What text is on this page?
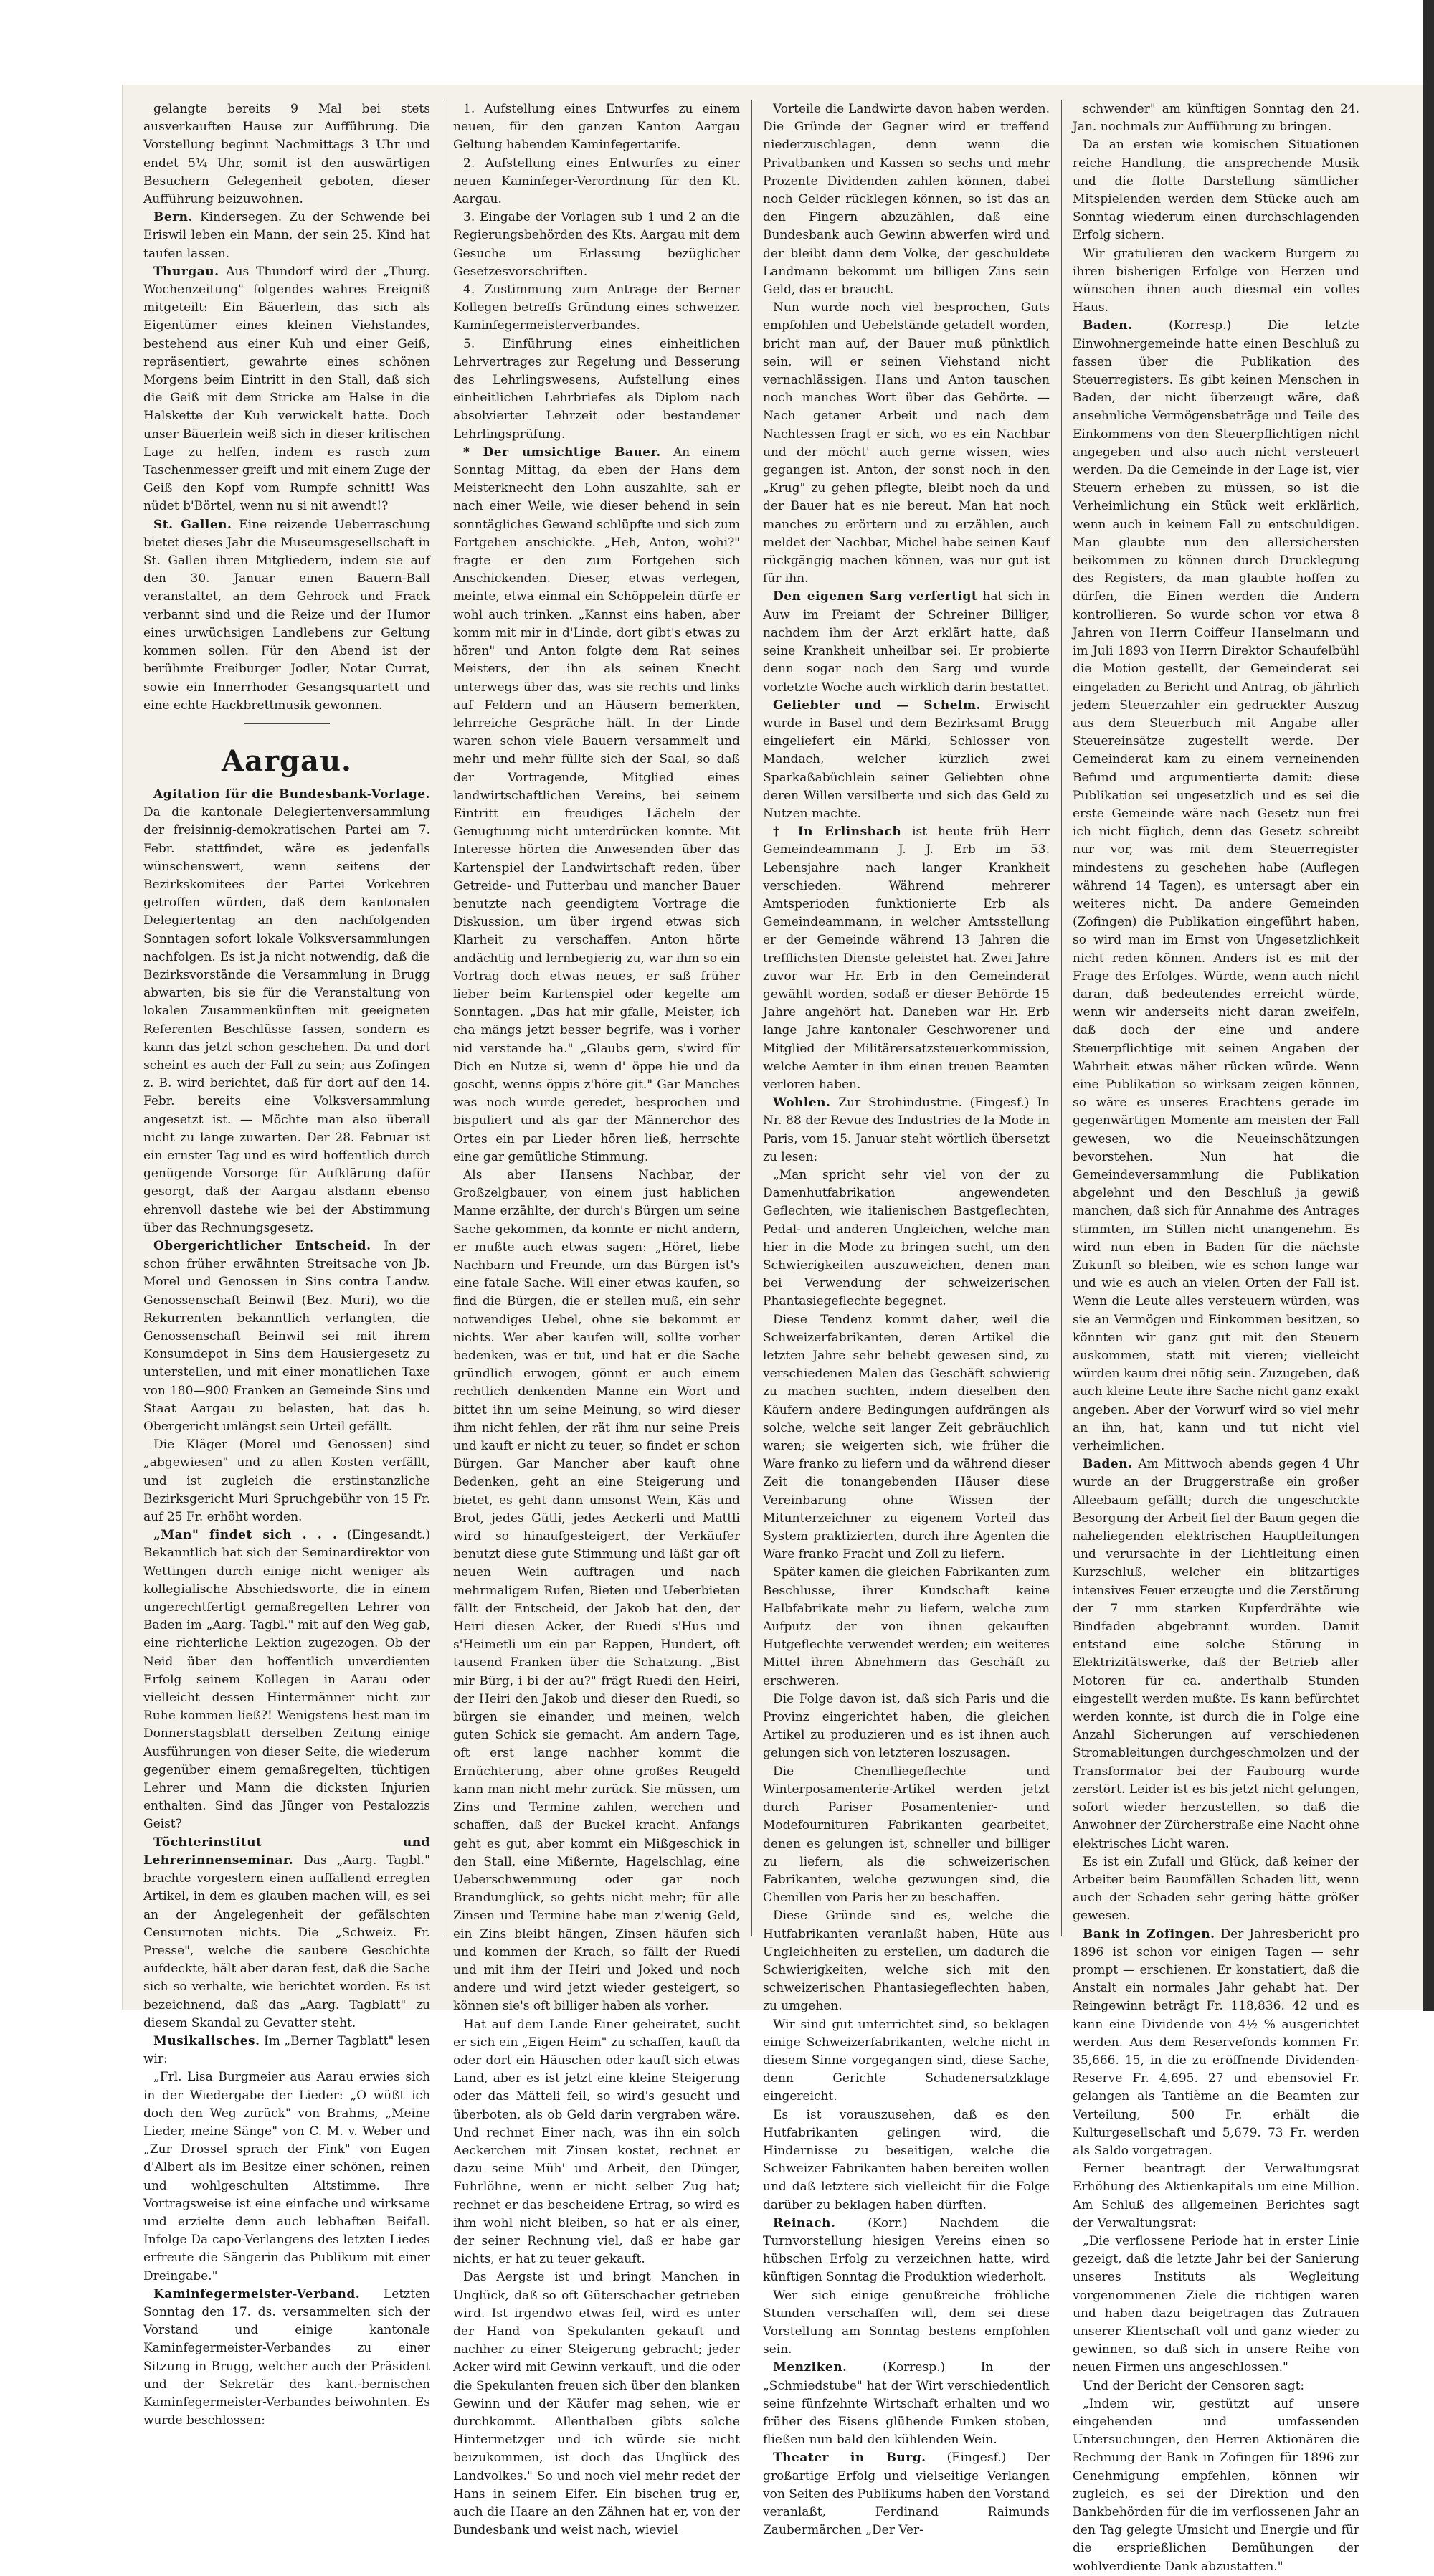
gelangte bereits 9 Mal bei stets ausverkauften Hause zur Aufführung. Die Vorstellung beginnt Nachmittags 3 Uhr und endet 5¼ Uhr, somit ist den auswärtigen Besuchern Gelegenheit geboten, dieser Aufführung beizuwohnen.

Bern. Kindersegen. Zu der Schwende bei Eriswil leben ein Mann, der sein 25. Kind hat taufen lassen.

Thurgau. Aus Thundorf wird der „Thurg. Wochenzeitung" folgendes wahres Ereigniß mitgeteilt: Ein Bäuerlein, das sich als Eigentümer eines kleinen Viehstandes, bestehend aus einer Kuh und einer Geiß, repräsentiert, gewahrte eines schönen Morgens beim Eintritt in den Stall, daß sich die Geiß mit dem Stricke am Halse in die Halskette der Kuh verwickelt hatte. Doch unser Bäuerlein weiß sich in dieser kritischen Lage zu helfen, indem es rasch zum Taschenmesser greift und mit einem Zuge der Geiß den Kopf vom Rumpfe schnitt! Was nüdet b'Börtel, wenn nu si nit awendt!?

St. Gallen. Eine reizende Ueberraschung bietet dieses Jahr die Museumsgesellschaft in St. Gallen ihren Mitgliedern, indem sie auf den 30. Januar einen Bauern-Ball veranstaltet, an dem Gehrock und Frack verbannt sind und die Reize und der Humor eines urwüchsigen Landlebens zur Geltung kommen sollen. Für den Abend ist der berühmte Freiburger Jodler, Notar Currat, sowie ein Innerrhoder Gesangsquartett und eine echte Hackbrettmusik gewonnen.

Aargau.

Agitation für die Bundesbank-Vorlage. Da die kantonale Delegiertenversammlung der freisinnig-demokratischen Partei am 7. Febr. stattfindet, wäre es jedenfalls wünschenswert, wenn seitens der Bezirkskomitees der Partei Vorkehren getroffen würden, daß dem kantonalen Delegiertentag an den nachfolgenden Sonntagen sofort lokale Volksversammlungen nachfolgen. Es ist ja nicht notwendig, daß die Bezirksvorstände die Versammlung in Brugg abwarten, bis sie für die Veranstaltung von lokalen Zusammenkünften mit geeigneten Referenten Beschlüsse fassen, sondern es kann das jetzt schon geschehen. Da und dort scheint es auch der Fall zu sein; aus Zofingen z. B. wird berichtet, daß für dort auf den 14. Febr. bereits eine Volksversammlung angesetzt ist. — Möchte man also überall nicht zu lange zuwarten. Der 28. Februar ist ein ernster Tag und es wird hoffentlich durch genügende Vorsorge für Aufklärung dafür gesorgt, daß der Aargau alsdann ebenso ehrenvoll dastehe wie bei der Abstimmung über das Rechnungsgesetz.

Obergerichtlicher Entscheid. In der schon früher erwähnten Streitsache von Jb. Morel und Genossen in Sins contra Landw. Genossenschaft Beinwil (Bez. Muri), wo die Rekurrenten bekanntlich verlangten, die Genossenschaft Beinwil sei mit ihrem Konsumdepot in Sins dem Hausiergesetz zu unterstellen, und mit einer monatlichen Taxe von 180—900 Franken an Gemeinde Sins und Staat Aargau zu belasten, hat das h. Obergericht unlängst sein Urteil gefällt.

Die Kläger (Morel und Genossen) sind „abgewiesen" und zu allen Kosten verfällt, und ist zugleich die erstinstanzliche Bezirksgericht Muri Spruchgebühr von 15 Fr. auf 25 Fr. erhöht worden.

„Man" findet sich . . . (Eingesandt.) Bekanntlich hat sich der Seminardirektor von Wettingen durch einige nicht weniger als kollegialische Abschiedsworte, die in einem ungerechtfertigt gemaßregelten Lehrer von Baden im „Aarg. Tagbl." mit auf den Weg gab, eine richterliche Lektion zugezogen. Ob der Neid über den hoffentlich unverdienten Erfolg seinem Kollegen in Aarau oder vielleicht dessen Hintermänner nicht zur Ruhe kommen ließ?! Wenigstens liest man im Donnerstagsblatt derselben Zeitung einige Ausführungen von dieser Seite, die wiederum gegenüber einem gemaßregelten, tüchtigen Lehrer und Mann die dicksten Injurien enthalten. Sind das Jünger von Pestalozzis Geist?

Töchterinstitut und Lehrerinnenseminar. Das „Aarg. Tagbl." brachte vorgestern einen auffallend erregten Artikel, in dem es glauben machen will, es sei an der Angelegenheit der gefälschten Censurnoten nichts. Die „Schweiz. Fr. Presse", welche die saubere Geschichte aufdeckte, hält aber daran fest, daß die Sache sich so verhalte, wie berichtet worden. Es ist bezeichnend, daß das „Aarg. Tagblatt" zu diesem Skandal zu Gevatter steht.

Musikalisches. Im „Berner Tagblatt" lesen wir:

„Frl. Lisa Burgmeier aus Aarau erwies sich in der Wiedergabe der Lieder: „O wüßt ich doch den Weg zurück" von Brahms, „Meine Lieder, meine Sänge" von C. M. v. Weber und „Zur Drossel sprach der Fink" von Eugen d'Albert als im Besitze einer schönen, reinen und wohlgeschulten Altstimme. Ihre Vortragsweise ist eine einfache und wirksame und erzielte denn auch lebhaften Beifall. Infolge Da capo-Verlangens des letzten Liedes erfreute die Sängerin das Publikum mit einer Dreingabe."

Kaminfegermeister-Verband. Letzten Sonntag den 17. ds. versammelten sich der Vorstand und einige kantonale Kaminfegermeister-Verbandes zu einer Sitzung in Brugg, welcher auch der Präsident und der Sekretär des kant.-bernischen Kaminfegermeister-Verbandes beiwohnten. Es wurde beschlossen:

1. Aufstellung eines Entwurfes zu einem neuen, für den ganzen Kanton Aargau Geltung habenden Kaminfegertarife.

2. Aufstellung eines Entwurfes zu einer neuen Kaminfeger-Verordnung für den Kt. Aargau.

3. Eingabe der Vorlagen sub 1 und 2 an die Regierungsbehörden des Kts. Aargau mit dem Gesuche um Erlassung bezüglicher Gesetzesvorschriften.

4. Zustimmung zum Antrage der Berner Kollegen betreffs Gründung eines schweizer. Kaminfegermeisterverbandes.

5. Einführung eines einheitlichen Lehrvertrages zur Regelung und Besserung des Lehrlingswesens, Aufstellung eines einheitlichen Lehrbriefes als Diplom nach absolvierter Lehrzeit oder bestandener Lehrlingsprüfung.

* Der umsichtige Bauer. An einem Sonntag Mittag, da eben der Hans dem Meisterknecht den Lohn auszahlte, sah er nach einer Weile, wie dieser behend in sein sonntägliches Gewand schlüpfte und sich zum Fortgehen anschickte. „Heh, Anton, wohi?" fragte er den zum Fortgehen sich Anschickenden. Dieser, etwas verlegen, meinte, etwa einmal ein Schöppelein dürfe er wohl auch trinken. „Kannst eins haben, aber komm mit mir in d'Linde, dort gibt's etwas zu hören" und Anton folgte dem Rat seines Meisters, der ihn als seinen Knecht unterwegs über das, was sie rechts und links auf Feldern und an Häusern bemerkten, lehrreiche Gespräche hält. In der Linde waren schon viele Bauern versammelt und mehr und mehr füllte sich der Saal, so daß der Vortragende, Mitglied eines landwirtschaftlichen Vereins, bei seinem Eintritt ein freudiges Lächeln der Genugtuung nicht unterdrücken konnte. Mit Interesse hörten die Anwesenden über das Kartenspiel der Landwirtschaft reden, über Getreide- und Futterbau und mancher Bauer benutzte nach geendigtem Vortrage die Diskussion, um über irgend etwas sich Klarheit zu verschaffen. Anton hörte andächtig und lernbegierig zu, war ihm so ein Vortrag doch etwas neues, er saß früher lieber beim Kartenspiel oder kegelte am Sonntagen. „Das hat mir gfalle, Meister, ich cha mängs jetzt besser begrife, was i vorher nid verstande ha." „Glaubs gern, s'wird für Dich en Nutze si, wenn d' öppe hie und da goscht, wenns öppis z'höre git." Gar Manches was noch wurde geredet, besprochen und bispuliert und als gar der Männerchor des Ortes ein par Lieder hören ließ, herrschte eine gar gemütliche Stimmung.

Als aber Hansens Nachbar, der Großzelgbauer, von einem just hablichen Manne erzählte, der durch's Bürgen um seine Sache gekommen, da konnte er nicht andern, er mußte auch etwas sagen: „Höret, liebe Nachbarn und Freunde, um das Bürgen ist's eine fatale Sache. Will einer etwas kaufen, so find die Bürgen, die er stellen muß, ein sehr notwendiges Uebel, ohne sie bekommt er nichts. Wer aber kaufen will, sollte vorher bedenken, was er tut, und hat er die Sache gründlich erwogen, gönnt er auch einem rechtlich denkenden Manne ein Wort und bittet ihn um seine Meinung, so wird dieser ihm nicht fehlen, der rät ihm nur seine Preis und kauft er nicht zu teuer, so findet er schon Bürgen. Gar Mancher aber kauft ohne Bedenken, geht an eine Steigerung und bietet, es geht dann umsonst Wein, Käs und Brot, jedes Gütli, jedes Aeckerli und Mattli wird so hinaufgesteigert, der Verkäufer benutzt diese gute Stimmung und läßt gar oft neuen Wein auftragen und nach mehrmaligem Rufen, Bieten und Ueberbieten fällt der Entscheid, der Jakob hat den, der Heiri diesen Acker, der Ruedi s'Hus und s'Heimetli um ein par Rappen, Hundert, oft tausend Franken über die Schatzung. „Bist mir Bürg, i bi der au?" frägt Ruedi den Heiri, der Heiri den Jakob und dieser den Ruedi, so bürgen sie einander, und meinen, welch guten Schick sie gemacht. Am andern Tage, oft erst lange nachher kommt die Ernüchterung, aber ohne großes Reugeld kann man nicht mehr zurück. Sie müssen, um Zins und Termine zahlen, werchen und schaffen, daß der Buckel kracht. Anfangs geht es gut, aber kommt ein Mißgeschick in den Stall, eine Mißernte, Hagelschlag, eine Ueberschwemmung oder gar noch Brandunglück, so gehts nicht mehr; für alle Zinsen und Termine habe man z'wenig Geld, ein Zins bleibt hängen, Zinsen häufen sich und kommen der Krach, so fällt der Ruedi und mit ihm der Heiri und Joked und noch andere und wird jetzt wieder gesteigert, so können sie's oft billiger haben als vorher.

Hat auf dem Lande Einer geheiratet, sucht er sich ein „Eigen Heim" zu schaffen, kauft da oder dort ein Häuschen oder kauft sich etwas Land, aber es ist jetzt eine kleine Steigerung oder das Mätteli feil, so wird's gesucht und überboten, als ob Geld darin vergraben wäre. Und rechnet Einer nach, was ihn ein solch Aeckerchen mit Zinsen kostet, rechnet er dazu seine Müh' und Arbeit, den Dünger, Fuhrlöhne, wenn er nicht selber Zug hat; rechnet er das bescheidene Ertrag, so wird es ihm wohl nicht bleiben, so hat er als einer, der seiner Rechnung viel, daß er habe gar nichts, er hat zu teuer gekauft.

Das Aergste ist und bringt Manchen in Unglück, daß so oft Güterschacher getrieben wird. Ist irgendwo etwas feil, wird es unter der Hand von Spekulanten gekauft und nachher zu einer Steigerung gebracht; jeder Acker wird mit Gewinn verkauft, und die oder die Spekulanten freuen sich über den blanken Gewinn und der Käufer mag sehen, wie er durchkommt. Allenthalben gibts solche Hintermetzger und ich würde sie nicht beizukommen, ist doch das Unglück des Landvolkes." So und noch viel mehr redet der Hans in seinem Eifer. Ein bischen trug er, auch die Haare an den Zähnen hat er, von der Bundesbank und weist nach, wieviel

Vorteile die Landwirte davon haben werden. Die Gründe der Gegner wird er treffend niederzuschlagen, denn wenn die Privatbanken und Kassen so sechs und mehr Prozente Dividenden zahlen können, dabei noch Gelder rücklegen können, so ist das an den Fingern abzuzählen, daß eine Bundesbank auch Gewinn abwerfen wird und der bleibt dann dem Volke, der geschuldete Landmann bekommt um billigen Zins sein Geld, das er braucht.

Nun wurde noch viel besprochen, Guts empfohlen und Uebelstände getadelt worden, bricht man auf, der Bauer muß pünktlich sein, will er seinen Viehstand nicht vernachlässigen. Hans und Anton tauschen noch manches Wort über das Gehörte. — Nach getaner Arbeit und nach dem Nachtessen fragt er sich, wo es ein Nachbar und der möcht' auch gerne wissen, wies gegangen ist. Anton, der sonst noch in den „Krug" zu gehen pflegte, bleibt noch da und der Bauer hat es nie bereut. Man hat noch manches zu erörtern und zu erzählen, auch meldet der Nachbar, Michel habe seinen Kauf rückgängig machen können, was nur gut ist für ihn.

Den eigenen Sarg verfertigt hat sich in Auw im Freiamt der Schreiner Billiger, nachdem ihm der Arzt erklärt hatte, daß seine Krankheit unheilbar sei. Er probierte denn sogar noch den Sarg und wurde vorletzte Woche auch wirklich darin bestattet.

Geliebter und — Schelm. Erwischt wurde in Basel und dem Bezirksamt Brugg eingeliefert ein Märki, Schlosser von Mandach, welcher kürzlich zwei Sparkaßabüchlein seiner Geliebten ohne deren Willen versilberte und sich das Geld zu Nutzen machte.

† In Erlinsbach ist heute früh Herr Gemeindeammann J. J. Erb im 53. Lebensjahre nach langer Krankheit verschieden. Während mehrerer Amtsperioden funktionierte Erb als Gemeindeammann, in welcher Amtsstellung er der Gemeinde während 13 Jahren die trefflichsten Dienste geleistet hat. Zwei Jahre zuvor war Hr. Erb in den Gemeinderat gewählt worden, sodaß er dieser Behörde 15 Jahre angehört hat. Daneben war Hr. Erb lange Jahre kantonaler Geschworener und Mitglied der Militärersatzsteuerkommission, welche Aemter in ihm einen treuen Beamten verloren haben.

Wohlen. Zur Strohindustrie. (Eingesf.) In Nr. 88 der Revue des Industries de la Mode in Paris, vom 15. Januar steht wörtlich übersetzt zu lesen:

„Man spricht sehr viel von der zu Damenhutfabrikation angewendeten Geflechten, wie italienischen Bastgeflechten, Pedal- und anderen Ungleichen, welche man hier in die Mode zu bringen sucht, um den Schwierigkeiten auszuweichen, denen man bei Verwendung der schweizerischen Phantasiegeflechte begegnet.

Diese Tendenz kommt daher, weil die Schweizerfabrikanten, deren Artikel die letzten Jahre sehr beliebt gewesen sind, zu verschiedenen Malen das Geschäft schwierig zu machen suchten, indem dieselben den Käufern andere Bedingungen aufdrängen als solche, welche seit langer Zeit gebräuchlich waren; sie weigerten sich, wie früher die Ware franko zu liefern und da während dieser Zeit die tonangebenden Häuser diese Vereinbarung ohne Wissen der Mitunterzeichner zu eigenem Vorteil das System praktizierten, durch ihre Agenten die Ware franko Fracht und Zoll zu liefern.

Später kamen die gleichen Fabrikanten zum Beschlusse, ihrer Kundschaft keine Halbfabrikate mehr zu liefern, welche zum Aufputz der von ihnen gekauften Hutgeflechte verwendet werden; ein weiteres Mittel ihren Abnehmern das Geschäft zu erschweren.

Die Folge davon ist, daß sich Paris und die Provinz eingerichtet haben, die gleichen Artikel zu produzieren und es ist ihnen auch gelungen sich von letzteren loszusagen.

Die Chenilliegeflechte und Winterposamenterie-Artikel werden jetzt durch Pariser Posamentenier- und Modefournituren Fabrikanten gearbeitet, denen es gelungen ist, schneller und billiger zu liefern, als die schweizerischen Fabrikanten, welche gezwungen sind, die Chenillen von Paris her zu beschaffen.

Diese Gründe sind es, welche die Hutfabrikanten veranlaßt haben, Hüte aus Ungleichheiten zu erstellen, um dadurch die Schwierigkeiten, welche sich mit den schweizerischen Phantasiegeflechten haben, zu umgehen.

Wir sind gut unterrichtet sind, so beklagen einige Schweizerfabrikanten, welche nicht in diesem Sinne vorgegangen sind, diese Sache, denn Gerichte Schadenersatzklage eingereicht.

Es ist vorauszusehen, daß es den Hutfabrikanten gelingen wird, die Hindernisse zu beseitigen, welche die Schweizer Fabrikanten haben bereiten wollen und daß letztere sich vielleicht für die Folge darüber zu beklagen haben dürften.

Reinach.	(Korr.) Nachdem die Turnvorstellung hiesigen Vereins einen so hübschen Erfolg zu verzeichnen hatte, wird künftigen Sonntag die Produktion wiederholt.

Wer sich einige genußreiche fröhliche Stunden verschaffen will, dem sei diese Vorstellung am Sonntag bestens empfohlen sein.

Menziken.	(Korresp.) In der „Schmiedstube" hat der Wirt verschiedentlich seine fünfzehnte Wirtschaft erhalten und wo früher des Eisens glühende Funken stoben, fließen nun bald den kühlenden Wein.

Theater in Burg. (Eingesf.) Der großartige Erfolg und vielseitige Verlangen von Seiten des Publikums haben den Vorstand veranlaßt, Ferdinand Raimunds Zaubermärchen „Der Ver-

schwender" am künftigen Sonntag den 24. Jan. nochmals zur Aufführung zu bringen.

Da an ersten wie komischen Situationen reiche Handlung, die ansprechende Musik und die flotte Darstellung sämtlicher Mitspielenden werden dem Stücke auch am Sonntag wiederum einen durchschlagenden Erfolg sichern.

Wir gratulieren den wackern Burgern zu ihren bisherigen Erfolge von Herzen und wünschen ihnen auch diesmal ein volles Haus.

Baden.	(Korresp.) Die letzte Einwohnergemeinde hatte einen Beschluß zu fassen über die Publikation des Steuerregisters. Es gibt keinen Menschen in Baden, der nicht überzeugt wäre, daß ansehnliche Vermögensbeträge und Teile des Einkommens von den Steuerpflichtigen nicht angegeben und also auch nicht versteuert werden. Da die Gemeinde in der Lage ist, vier Steuern erheben zu müssen, so ist die Verheimlichung ein Stück weit erklärlich, wenn auch in keinem Fall zu entschuldigen. Man glaubte nun den allersichersten beikommen zu können durch Drucklegung des Registers, da man glaubte hoffen zu dürfen, die Einen werden die Andern kontrollieren. So wurde schon vor etwa 8 Jahren von Herrn Coiffeur Hanselmann und im Juli 1893 von Herrn Direktor Schaufelbühl die Motion gestellt, der Gemeinderat sei eingeladen zu Bericht und Antrag, ob jährlich jedem Steuerzahler ein gedruckter Auszug aus dem Steuerbuch mit Angabe aller Steuereinsätze zugestellt werde. Der Gemeinderat kam zu einem verneinenden Befund und argumentierte damit: diese Publikation sei ungesetzlich und es sei die erste Gemeinde wäre nach Gesetz nun frei ich nicht füglich, denn das Gesetz schreibt nur vor, was mit dem Steuerregister mindestens zu geschehen habe (Auflegen während 14 Tagen), es untersagt aber ein weiteres nicht. Da andere Gemeinden (Zofingen) die Publikation eingeführt haben, so wird man im Ernst von Ungesetzlichkeit nicht reden können. Anders ist es mit der Frage des Erfolges. Würde, wenn auch nicht daran, daß bedeutendes erreicht würde, wenn wir anderseits nicht daran zweifeln, daß doch der eine und andere Steuerpflichtige mit seinen Angaben der Wahrheit etwas näher rücken würde. Wenn eine Publikation so wirksam zeigen können, so wäre es unseres Erachtens gerade im gegenwärtigen Momente am meisten der Fall gewesen, wo die Neueinschätzungen bevorstehen. Nun hat die Gemeindeversammlung die Publikation abgelehnt und den Beschluß ja gewiß manchen, daß sich für Annahme des Antrages stimmten, im Stillen nicht unangenehm. Es wird nun eben in Baden für die nächste Zukunft so bleiben, wie es schon lange war und wie es auch an vielen Orten der Fall ist. Wenn die Leute alles versteuern würden, was sie an Vermögen und Einkommen besitzen, so könnten wir ganz gut mit den Steuern auskommen, statt mit vieren; vielleicht würden kaum drei nötig sein. Zuzugeben, daß auch kleine Leute ihre Sache nicht ganz exakt angeben. Aber der Vorwurf wird so viel mehr an ihn, hat, kann und tut nicht viel verheimlichen.

Baden. Am Mittwoch abends gegen 4 Uhr wurde an der Bruggerstraße ein großer Alleebaum gefällt; durch die ungeschickte Besorgung der Arbeit fiel der Baum gegen die naheliegenden elektrischen Hauptleitungen und verursachte in der Lichtleitung einen Kurzschluß, welcher ein blitzartiges intensives Feuer erzeugte und die Zerstörung der 7 mm starken Kupferdrähte wie Bindfaden abgebrannt wurden. Damit entstand eine solche Störung in Elektrizitätswerke, daß der Betrieb aller Motoren für ca. anderthalb Stunden eingestellt werden mußte. Es kann befürchtet werden konnte, ist durch die in Folge eine Anzahl Sicherungen auf verschiedenen Stromableitungen durchgeschmolzen und der Transformator bei der Faubourg wurde zerstört. Leider ist es bis jetzt nicht gelungen, sofort wieder herzustellen, so daß die Anwohner der Zürcherstraße eine Nacht ohne elektrisches Licht waren.

Es ist ein Zufall und Glück, daß keiner der Arbeiter beim Baumfällen Schaden litt, wenn auch der Schaden sehr gering hätte größer gewesen.

Bank in Zofingen. Der Jahresbericht pro 1896 ist schon vor einigen Tagen — sehr prompt — erschienen. Er konstatiert, daß die Anstalt ein normales Jahr gehabt hat. Der Reingewinn beträgt Fr. 118,836. 42 und es kann eine Dividende von 4½ % ausgerichtet werden. Aus dem Reservefonds kommen Fr. 35,666. 15, in die zu eröffnende Dividenden-Reserve Fr. 4,695. 27 und ebensoviel Fr. gelangen als Tantième an die Beamten zur Verteilung, 500 Fr. erhält die Kulturgesellschaft und 5,679. 73 Fr. werden als Saldo vorgetragen.

Ferner beantragt der Verwaltungsrat Erhöhung des Aktienkapitals um eine Million. Am Schluß des allgemeinen Berichtes sagt der Verwaltungsrat:

„Die verflossene Periode hat in erster Linie gezeigt, daß die letzte Jahr bei der Sanierung unseres Instituts als Wegleitung vorgenommenen Ziele die richtigen waren und haben dazu beigetragen das Zutrauen unserer Klientschaft voll und ganz wieder zu gewinnen, so daß sich in unsere Reihe von neuen Firmen uns angeschlossen."

Und der Bericht der Censoren sagt:

„Indem wir, gestützt auf unsere eingehenden und umfassenden Untersuchungen, den Herren Aktionären die Rechnung der Bank in Zofingen für 1896 zur Genehmigung empfehlen, können wir zugleich, es sei der Direktion und den Bankbehörden für die im verflossenen Jahr an den Tag gelegte Umsicht und Energie und für die ersprießlichen Bemühungen der wohlverdiente Dank abzustatten."
